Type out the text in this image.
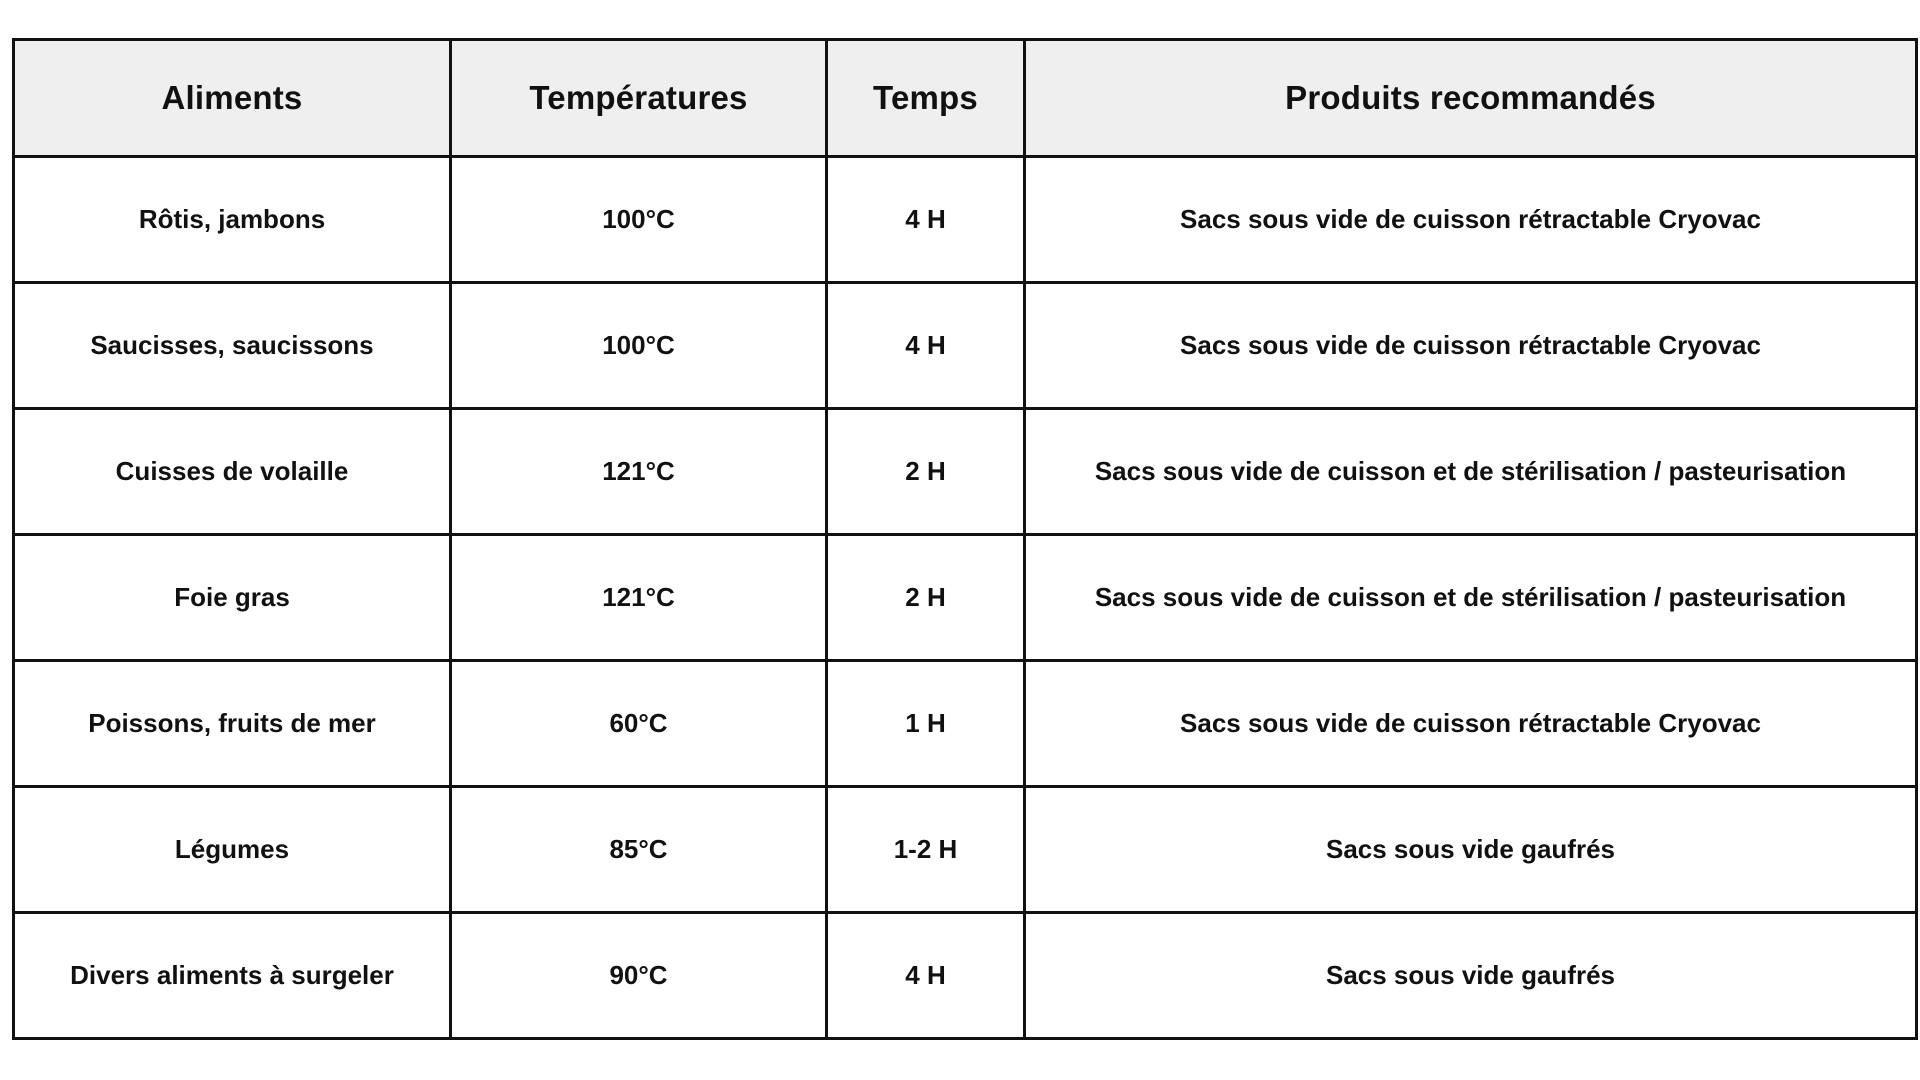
Aliments	Températures	Temps	Produits recommandés
Rôtis, jambons	100°C	4 H	Sacs sous vide de cuisson rétractable Cryovac
Saucisses, saucissons	100°C	4 H	Sacs sous vide de cuisson rétractable Cryovac
Cuisses de volaille	121°C	2 H	Sacs sous vide de cuisson et de stérilisation / pasteurisation
Foie gras	121°C	2 H	Sacs sous vide de cuisson et de stérilisation / pasteurisation
Poissons, fruits de mer	60°C	1 H	Sacs sous vide de cuisson rétractable Cryovac
Légumes	85°C	1-2 H	Sacs sous vide gaufrés
Divers aliments à surgeler	90°C	4 H	Sacs sous vide gaufrés
